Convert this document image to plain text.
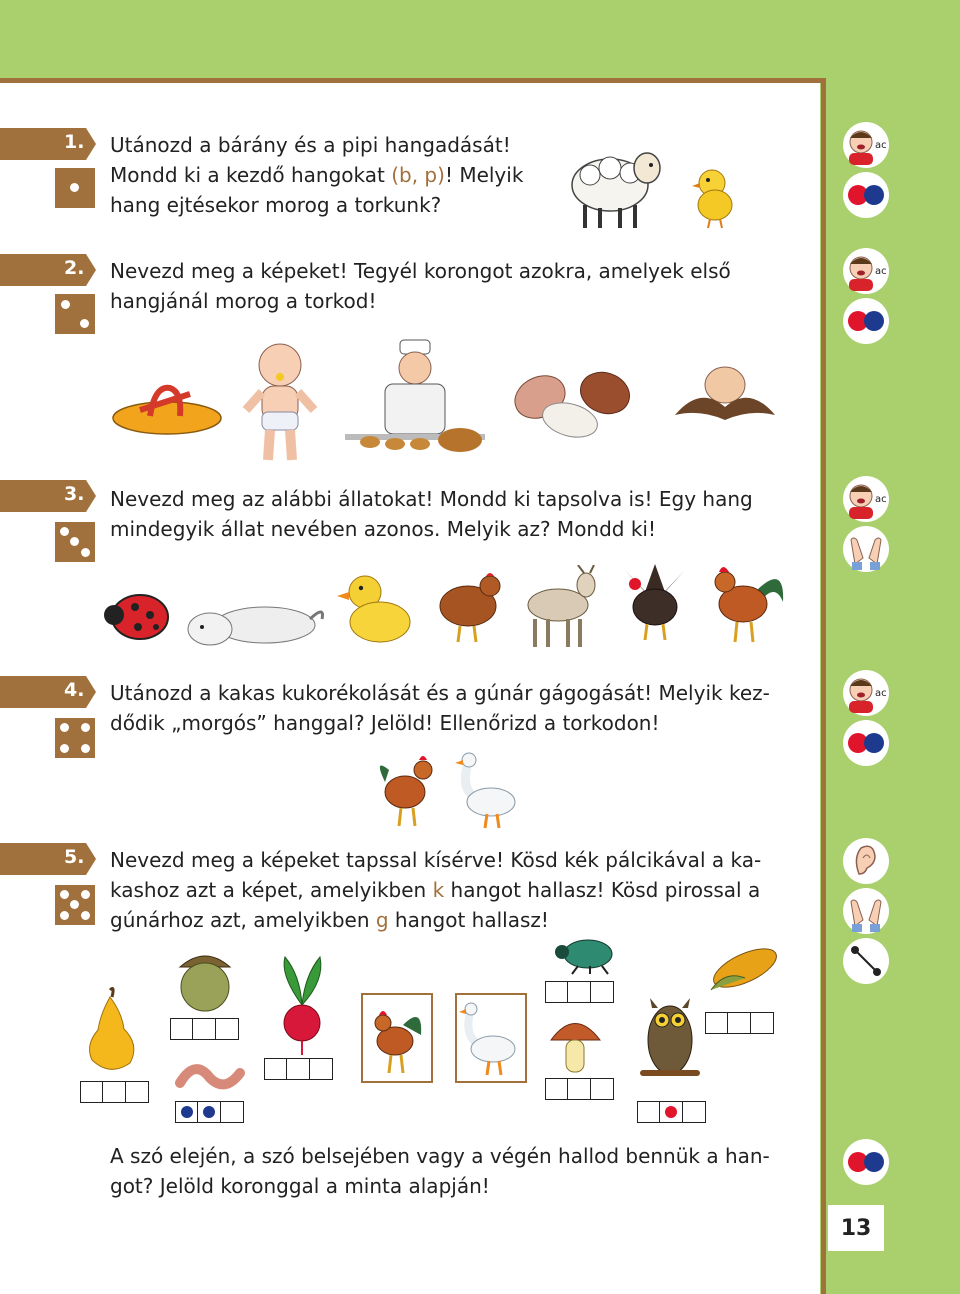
13
1. Utánozd a bárány és a pipi hangadását!
Mondd ki a kezdő hangokat (b, p)! Melyik
hang ejtésekor morog a torkunk?
2. Nevezd meg a képeket! Tegyél korongot azokra, amelyek első
hangjánál morog a torkod!
3. Nevezd meg az alábbi állatokat! Mondd ki tapsolva is! Egy hang
mindegyik állat nevében azonos. Melyik az? Mondd ki!
4. Utánozd a kakas kukorékolását és a gúnár gágogását! Melyik kez-
dődik „morgós” hanggal? Jelöld! Ellenőrizd a torkodon!
5. Nevezd meg a képeket tapssal kísérve! Kösd kék pálcikával a ka-
kashoz azt a képet, amelyikben k hangot hallasz! Kösd pirossal a
gúnárhoz azt, amelyikben g hangot hallasz!
A szó elején, a szó belsejében vagy a végén hallod bennük a han-
got? Jelöld koronggal a minta alapján!
ac
ac
ac
ac
